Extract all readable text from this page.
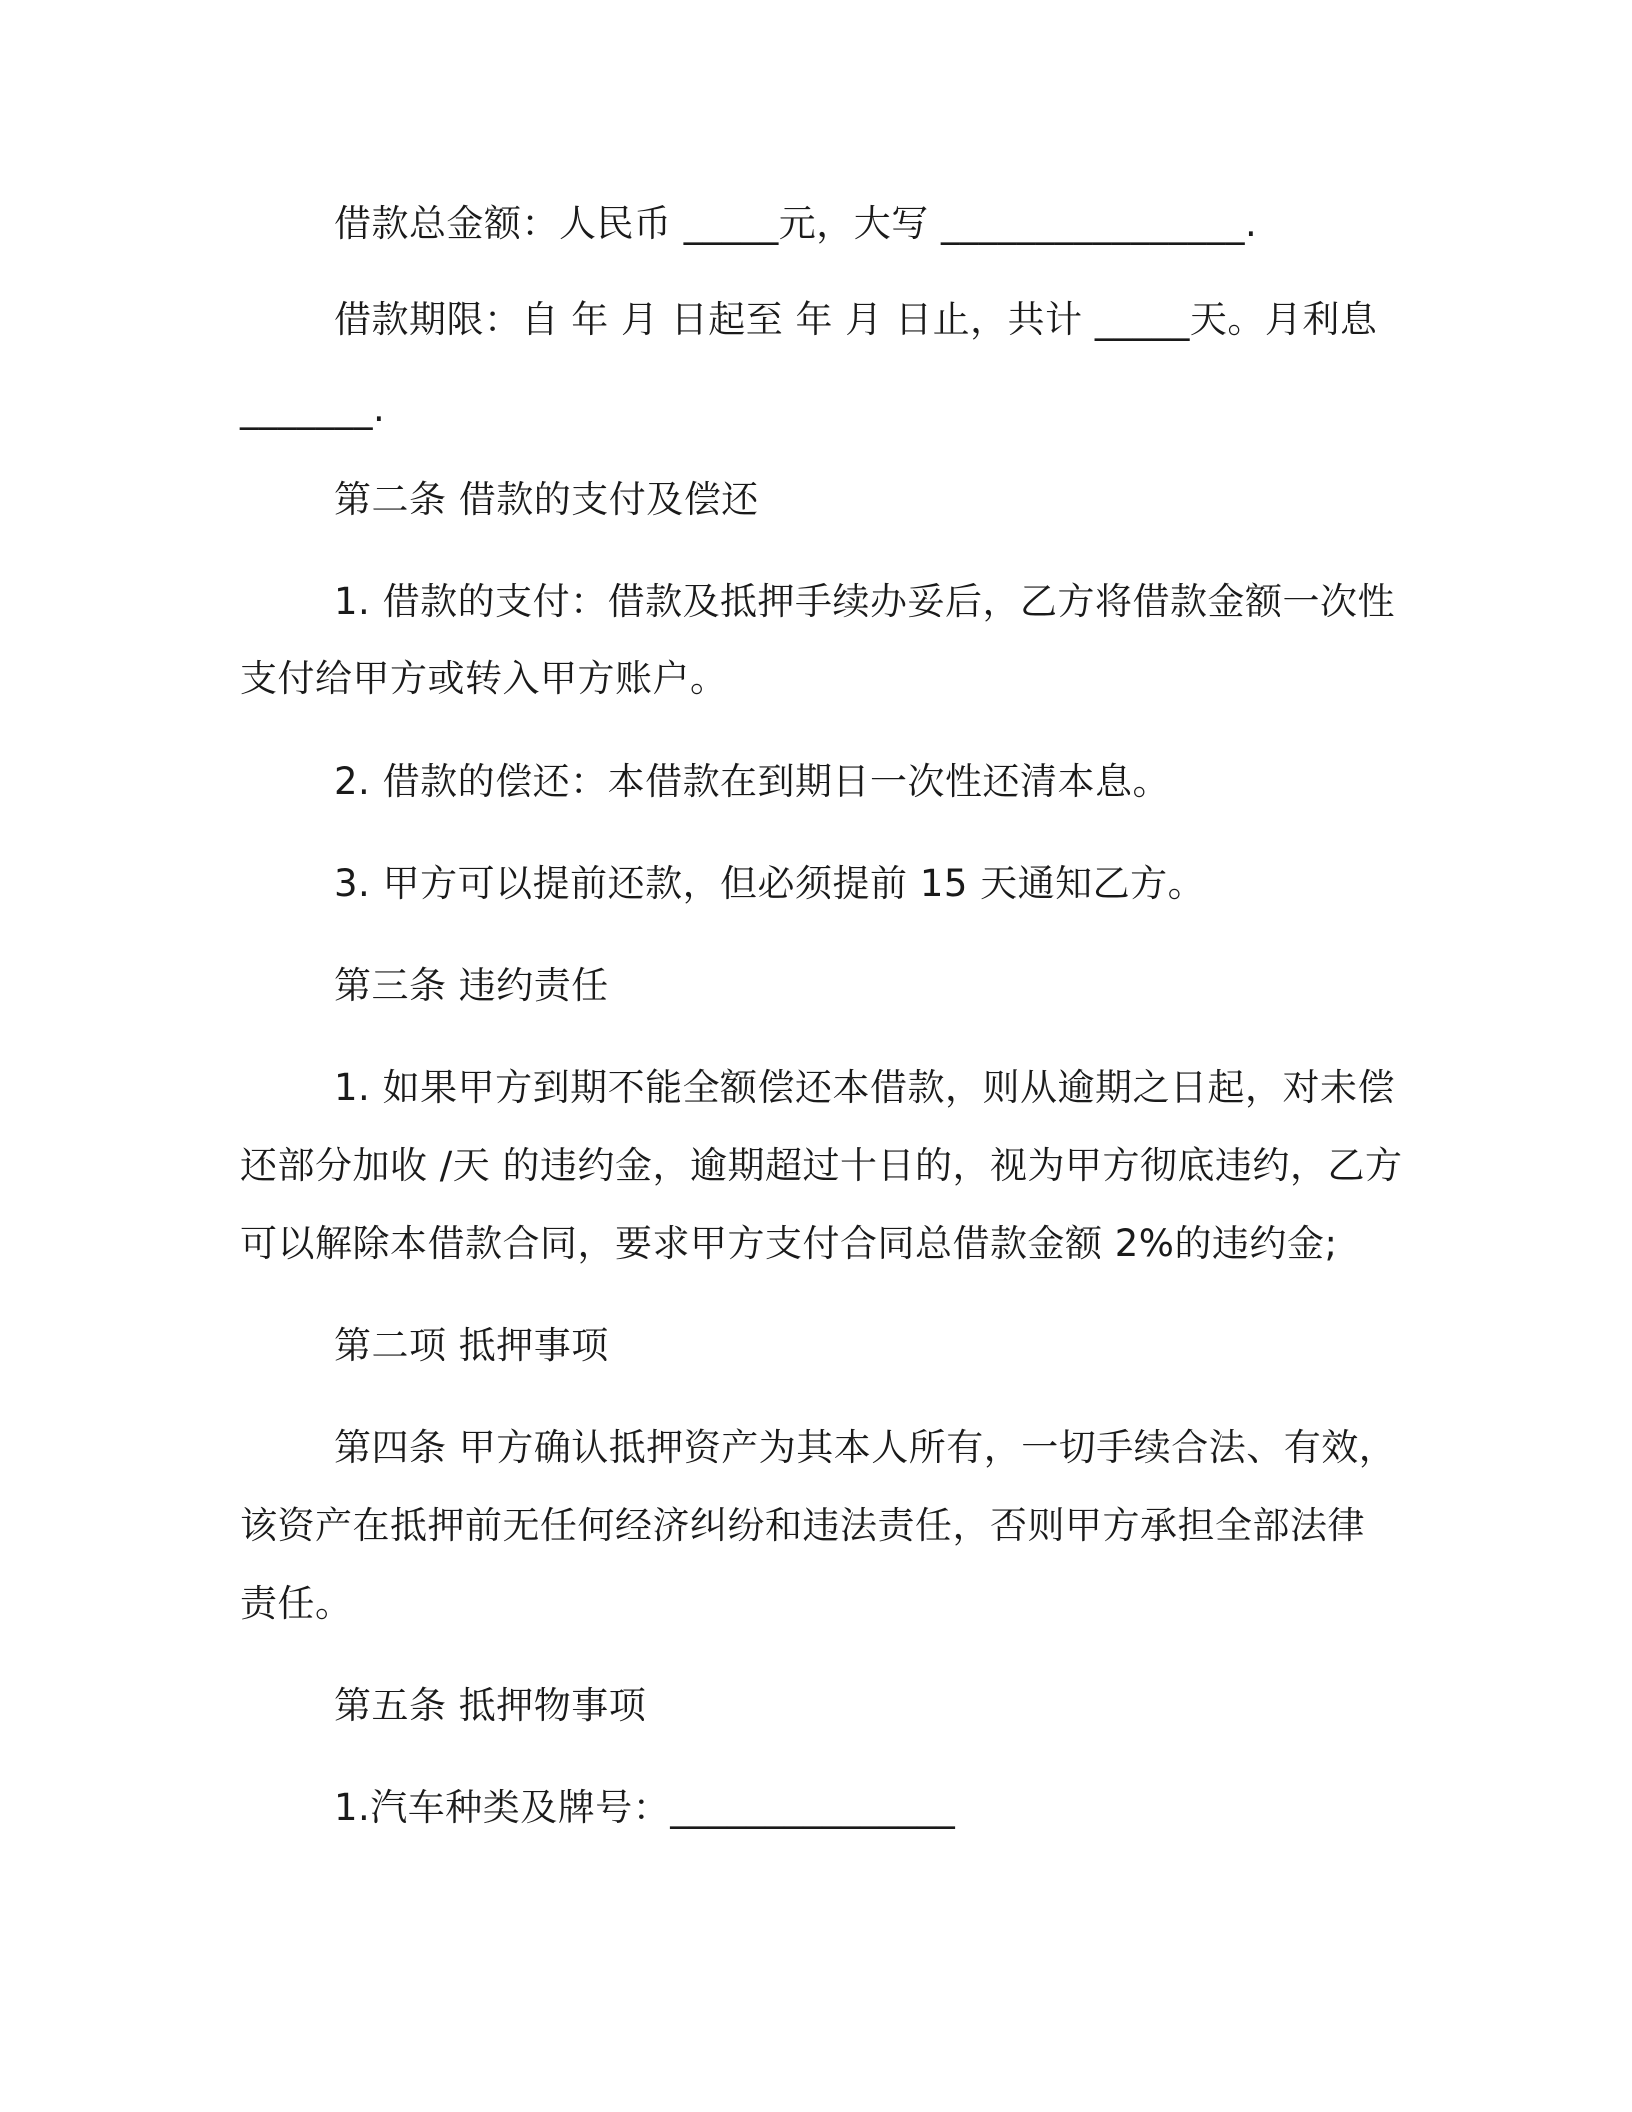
借款总金额：人民币 _____元，大写 ________________.
借款期限：自 年 月 日起至 年 月 日止，共计 _____天。月利息
_______.
第二条 借款的支付及偿还
1. 借款的支付：借款及抵押手续办妥后，乙方将借款金额一次性
支付给甲方或转入甲方账户。
2. 借款的偿还：本借款在到期日一次性还清本息。
3. 甲方可以提前还款，但必须提前 15 天通知乙方。
第三条 违约责任
1. 如果甲方到期不能全额偿还本借款，则从逾期之日起，对未偿
还部分加收 /天 的违约金，逾期超过十日的，视为甲方彻底违约，乙方
可以解除本借款合同，要求甲方支付合同总借款金额 2%的违约金;
第二项 抵押事项
第四条 甲方确认抵押资产为其本人所有，一切手续合法、有效，
该资产在抵押前无任何经济纠纷和违法责任，否则甲方承担全部法律
责任。
第五条 抵押物事项
1.汽车种类及牌号：_______________
